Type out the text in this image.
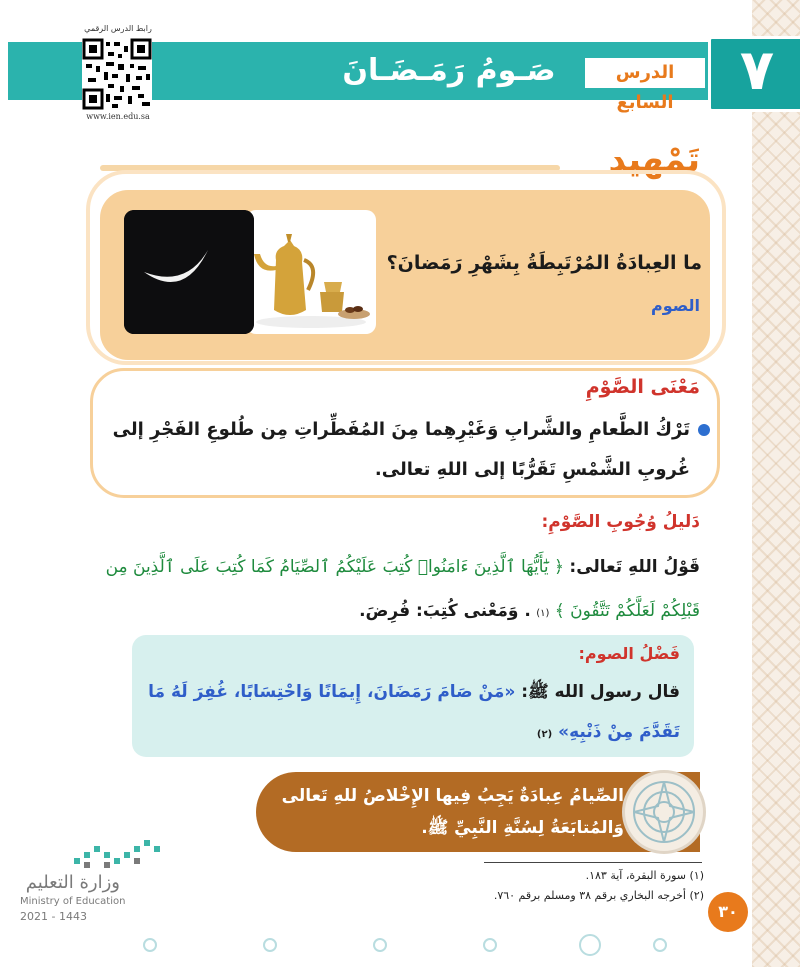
٧
الدرس السابع
صَـومُ رَمَـضَـانَ
رابط الدرس الرقمي
www.ien.edu.sa
تَمْهيد
ما العِبادَةُ المُرْتَبِطَةُ بِشَهْرِ رَمَضانَ؟
الصوم
مَعْنَى الصَّوْمِ
تَرْكُ الطَّعامِ والشَّرابِ وَغَيْرِهِما مِنَ المُفَطِّراتِ مِن طُلوعِ الفَجْرِ إلى غُروبِ الشَّمْسِ تَقَرُّبًا إلى اللهِ تعالى.
دَليلُ وُجُوبِ الصَّوْمِ:
قَوْلُ اللهِ تَعالى: ﴿ يَٰٓأَيُّهَا ٱلَّذِينَ ءَامَنُوا۟ كُتِبَ عَلَيْكُمُ ٱلصِّيَامُ كَمَا كُتِبَ عَلَى ٱلَّذِينَ مِن قَبْلِكُمْ لَعَلَّكُمْ تَتَّقُونَ ﴾ (١) . وَمَعْنى كُتِبَ: فُرِضَ.
فَضْلُ الصوم:
قال رسول الله ﷺ: «مَنْ صَامَ رَمَضَانَ، إِيمَانًا وَاحْتِسَابًا، غُفِرَ لَهُ مَا تَقَدَّمَ مِنْ ذَنْبِهِ» (٢)
الصِّيامُ عِبادَةٌ يَجِبُ فِيها الإِخْلاصُ للهِ تَعالى وَالمُتابَعَةُ لِسُنَّةِ النَّبِيِّ ﷺ.
(١) سورة البقرة، آية ١٨٣.
(٢) أخرجه البخاري برقم ٣٨ ومسلم برقم ٧٦٠.
٣٠
وزارة التعليم
Ministry of Education
2021 - 1443
